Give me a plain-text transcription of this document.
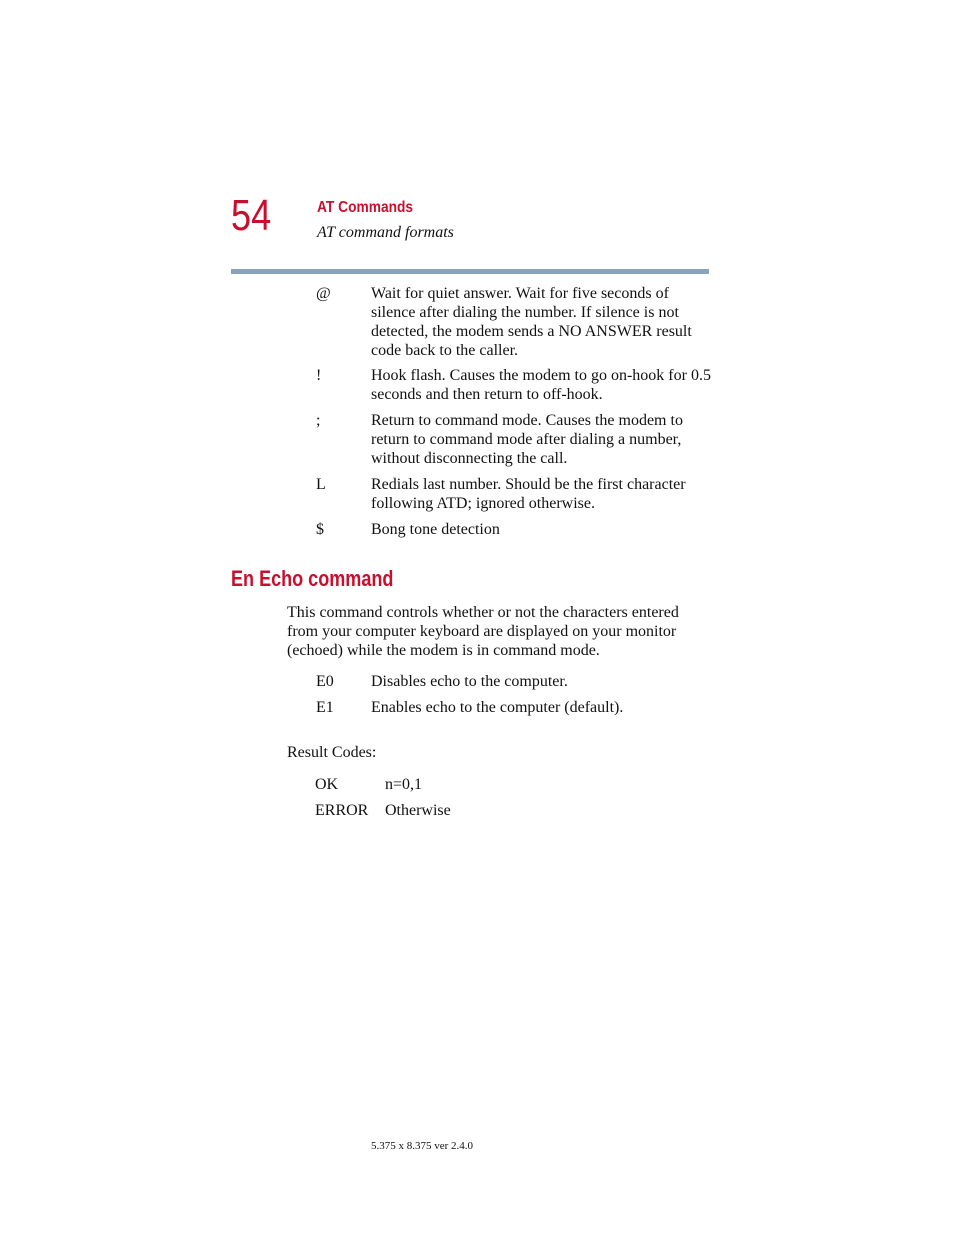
54	AT Commands
AT command formats
@	Wait for quiet answer. Wait for five seconds of silence after dialing the number. If silence is not detected, the modem sends a NO ANSWER result code back to the caller.
!	Hook flash. Causes the modem to go on-hook for 0.5 seconds and then return to off-hook.
;	Return to command mode. Causes the modem to return to command mode after dialing a number, without disconnecting the call.
L	Redials last number. Should be the first character following ATD; ignored otherwise.
$	Bong tone detection
En Echo command
This command controls whether or not the characters entered from your computer keyboard are displayed on your monitor (echoed) while the modem is in command mode.
E0 Disables echo to the computer.
E1 Enables echo to the computer (default).
Result Codes:
OK	n=0,1
ERROR Otherwise
5.375 x 8.375 ver 2.4.0
